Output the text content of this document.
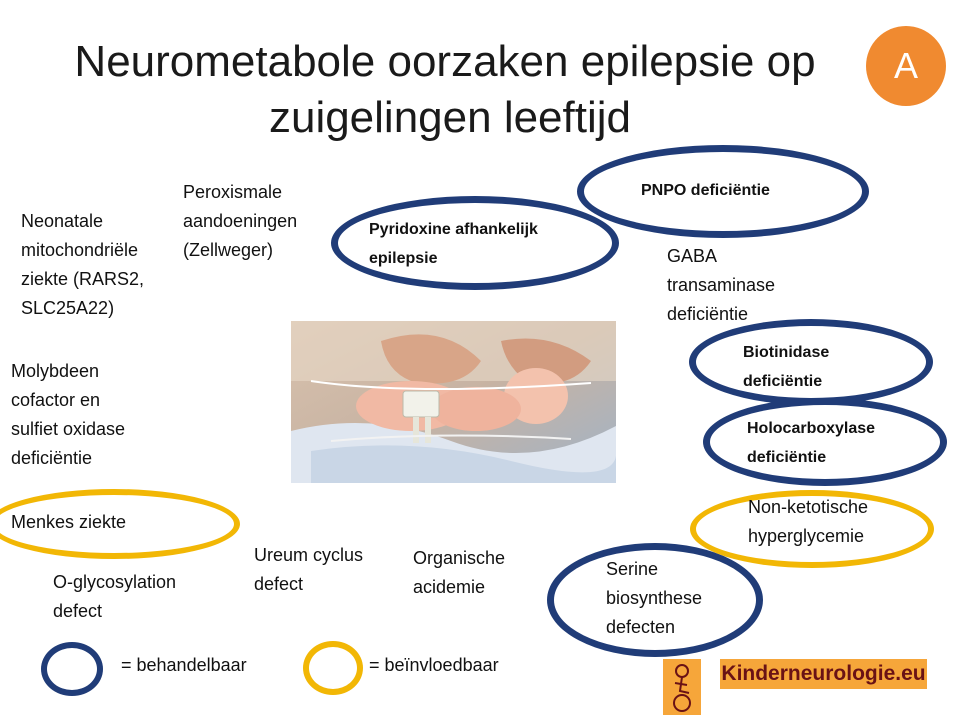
Neurometabole oorzaken epilepsie op
zuigelingen leeftijd
A
Neonatale
mitochondriële
ziekte (RARS2,
SLC25A22)
Peroxismale
aandoeningen
(Zellweger)
Pyridoxine afhankelijk
epilepsie
PNPO deficiëntie
GABA
transaminase
deficiëntie
Molybdeen
cofactor en
sulfiet oxidase
deficiëntie
Biotinidase
deficiëntie
Holocarboxylase
deficiëntie
Menkes ziekte
Non-ketotische
hyperglycemie
O-glycosylation
defect
Ureum cyclus
defect
Organische
acidemie
Serine
biosynthese
defecten
= behandelbaar	= beïnvloedbaar	Kinderneurologie.eu
